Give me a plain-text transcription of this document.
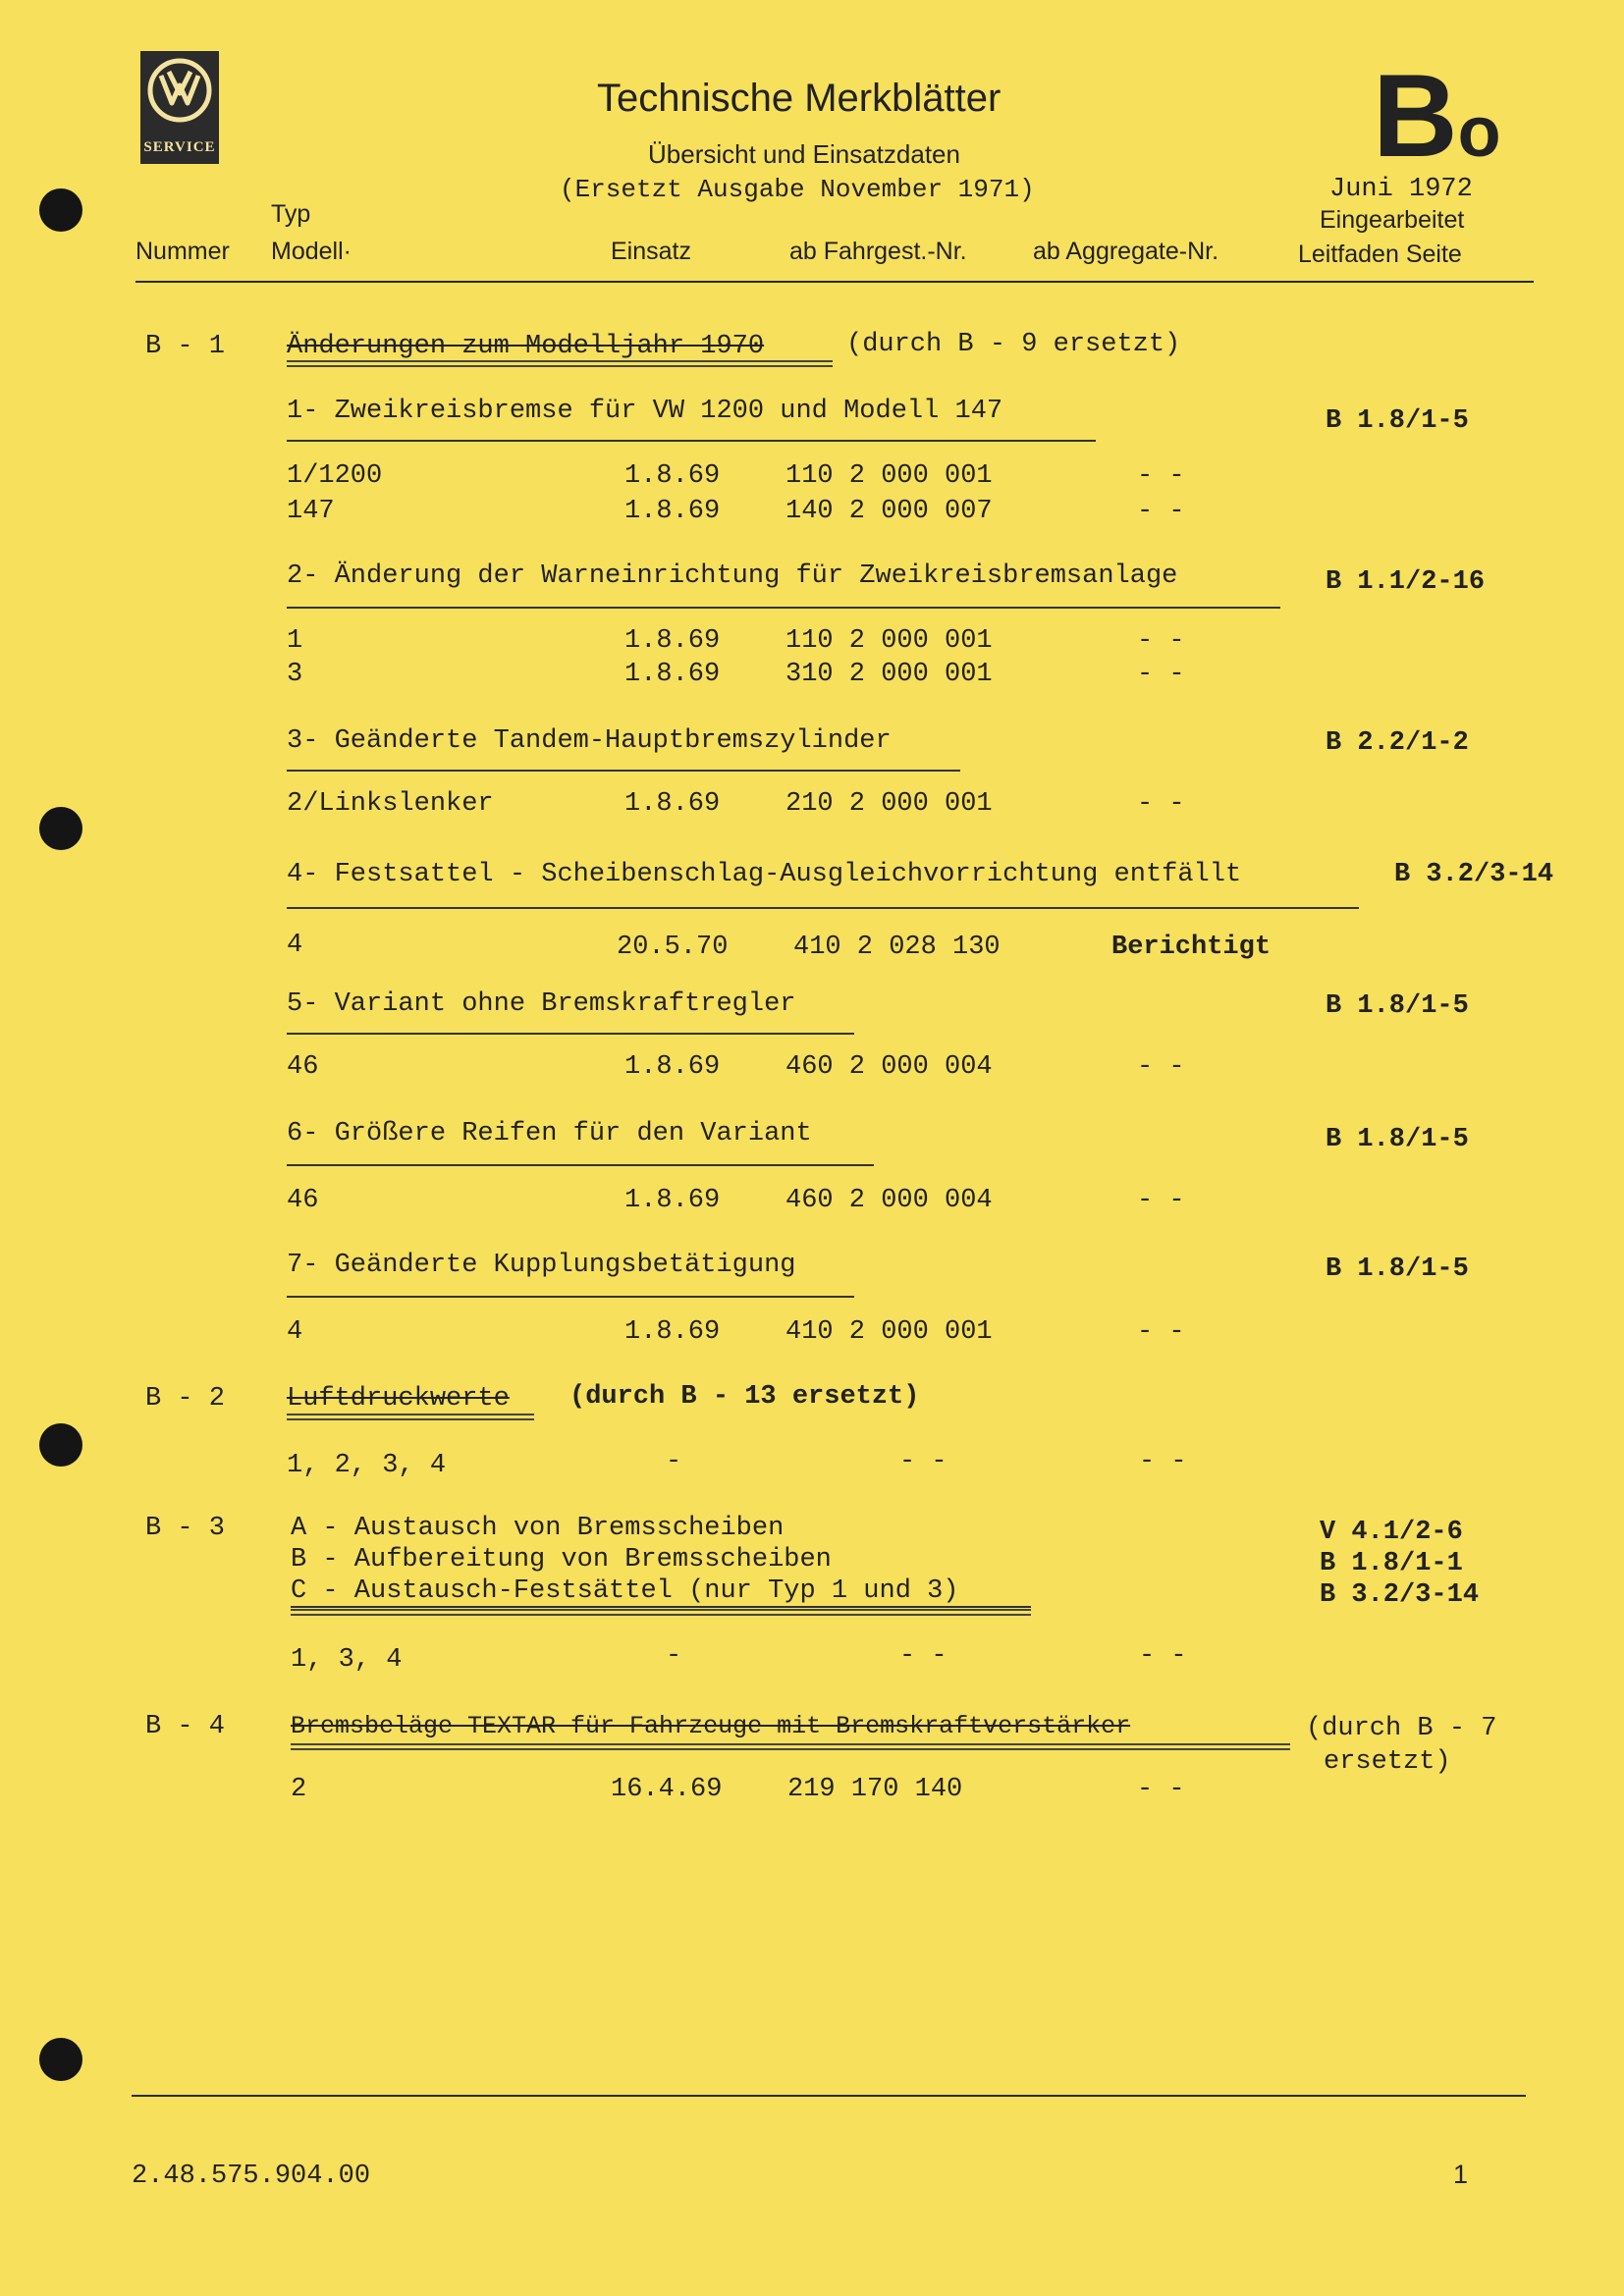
SERVICE
Technische Merkblätter
Übersicht und Einsatzdaten
(Ersetzt Ausgabe November 1971)
Bo
Juni 1972
Typ
Nummer Modell·	Einsatz	ab Fahrgest.-Nr.	ab Aggregate-Nr.
Eingearbeitet
Leitfaden Seite
B - 1 Änderungen zum Modelljahr 1970	(durch B - 9 ersetzt)
1- Zweikreisbremse für VW 1200 und Modell 147	B 1.8/1-5
1/1200	1.8.69 110 2 000 001	- -
147	1.8.69 140 2 000 007	- -
2- Änderung der Warneinrichtung für Zweikreisbremsanlage	B 1.1/2-16
1	1.8.69 110 2 000 001	- -
3	1.8.69 310 2 000 001	- -
3- Geänderte Tandem-Hauptbremszylinder	B 2.2/1-2
2/Linkslenker	1.8.69 210 2 000 001	- -
4- Festsattel - Scheibenschlag-Ausgleichvorrichtung entfällt	B 3.2/3-14
4	20.5.70 410 2 028 130	Berichtigt
5- Variant ohne Bremskraftregler	B 1.8/1-5
46	1.8.69 460 2 000 004	- -
6- Größere Reifen für den Variant	B 1.8/1-5
46	1.8.69 460 2 000 004	- -
7- Geänderte Kupplungsbetätigung	B 1.8/1-5
4	1.8.69 410 2 000 001	- -
B - 2 Luftdruckwerte (durch B - 13 ersetzt)
1, 2, 3, 4	-	- -	- -
B - 3 A - Austausch von Bremsscheiben
B - Aufbereitung von Bremsscheiben
C - Austausch-Festsättel (nur Typ 1 und 3)
V 4.1/2-6
B 1.8/1-1
B 3.2/3-14
1, 3, 4	-	- -	- -
B - 4	Bremsbeläge TEXTAR für Fahrzeuge mit Bremskraftverstärker	(durch B - 7
ersetzt)
2	16.4.69 219 170 140	- -
2.48.575.904.00	1
